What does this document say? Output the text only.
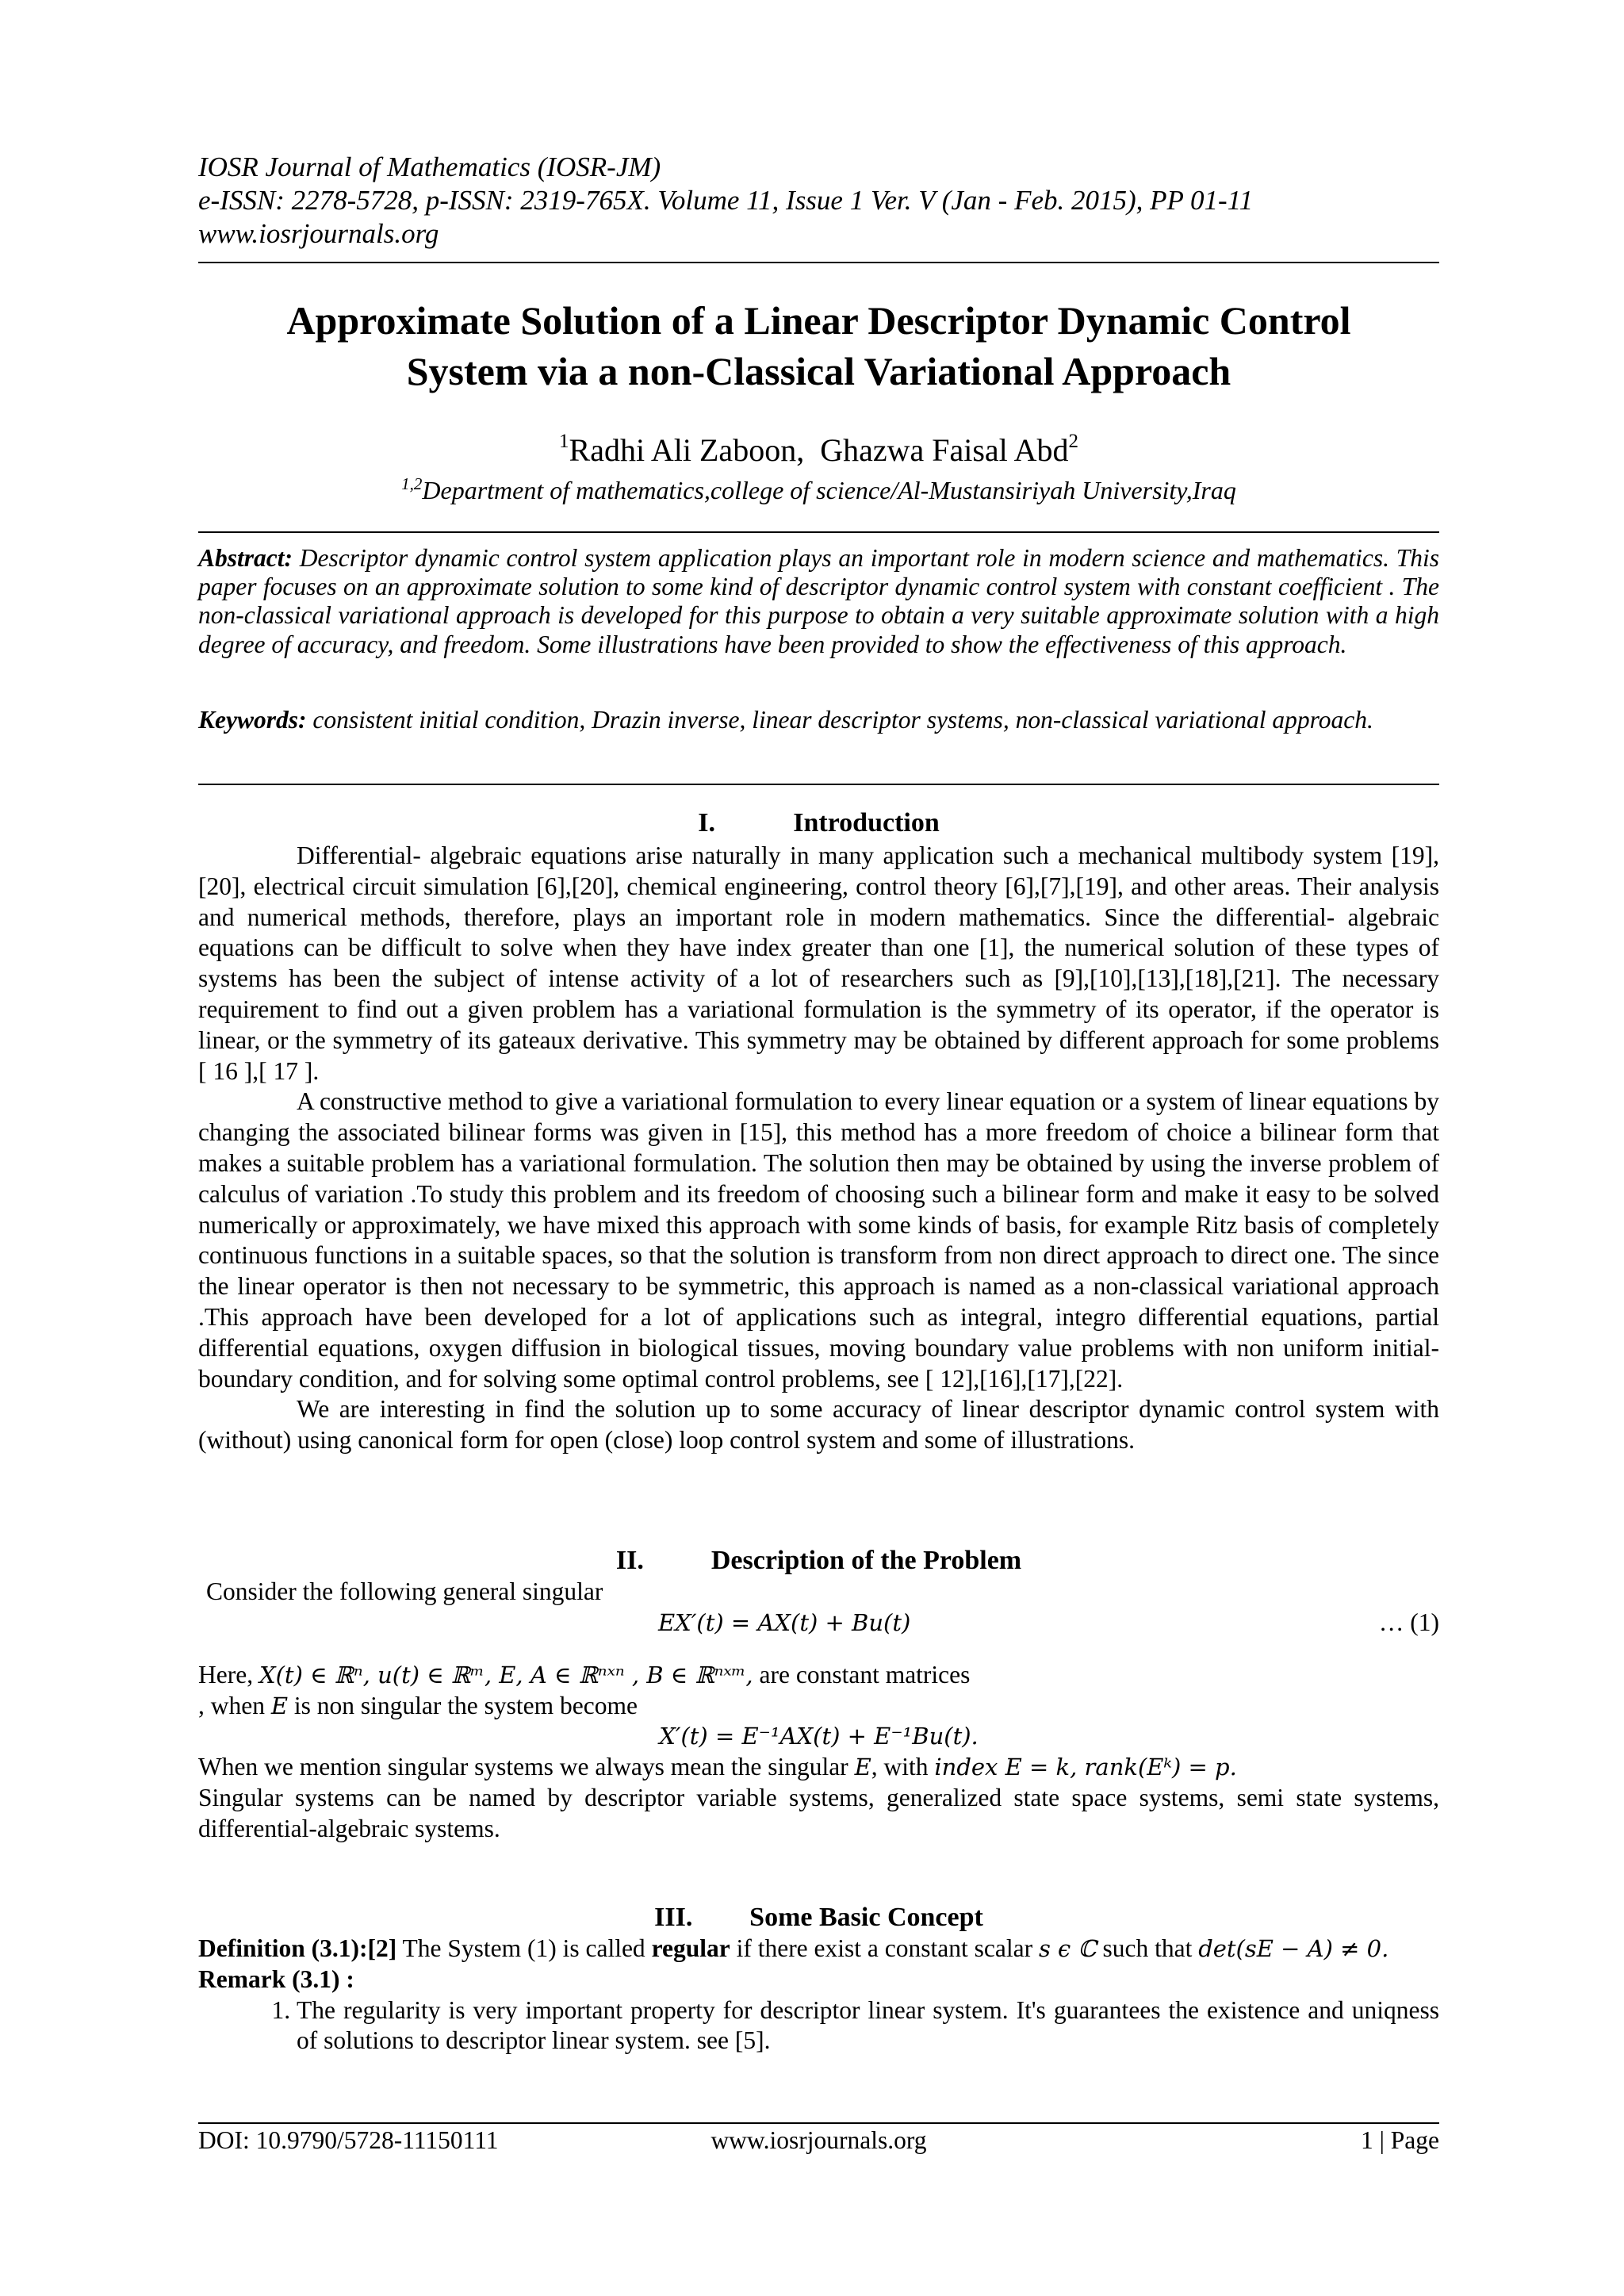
IOSR Journal of Mathematics (IOSR-JM)
e-ISSN: 2278-5728, p-ISSN: 2319-765X. Volume 11, Issue 1 Ver. V (Jan - Feb. 2015), PP 01-11
www.iosrjournals.org
Approximate Solution of a Linear Descriptor Dynamic Control
System via a non-Classical Variational Approach
$^1$Radhi Ali Zaboon, Ghazwa Faisal Abd$^2$
$^{1,2}$Department of mathematics,college of science/Al-Mustansiriyah University,Iraq
Abstract: Descriptor dynamic control system application plays an important role in modern science and mathematics. This paper focuses on an approximate solution to some kind of descriptor dynamic control system with constant coefficient . The non-classical variational approach is developed for this purpose to obtain a very suitable approximate solution with a high degree of accuracy, and freedom. Some illustrations have been provided to show the effectiveness of this approach.
Keywords: consistent initial condition, Drazin inverse, linear descriptor systems, non-classical variational approach.
I.	Introduction

Differential- algebraic equations arise naturally in many application such a mechanical multibody system [19],[20], electrical circuit simulation [6],[20], chemical engineering, control theory [6],[7],[19], and other areas. Their analysis and numerical methods, therefore, plays an important role in modern mathematics. Since the differential- algebraic equations can be difficult to solve when they have index greater than one [1], the numerical solution of these types of systems has been the subject of intense activity of a lot of researchers such as [9],[10],[13],[18],[21]. The necessary requirement to find out a given problem has a variational formulation is the symmetry of its operator, if the operator is linear, or the symmetry of its gateaux derivative. This symmetry may be obtained by different approach for some problems [ 16 ],[ 17 ].

A constructive method to give a variational formulation to every linear equation or a system of linear equations by changing the associated bilinear forms was given in [15], this method has a more freedom of choice a bilinear form that makes a suitable problem has a variational formulation. The solution then may be obtained by using the inverse problem of calculus of variation .To study this problem and its freedom of choosing such a bilinear form and make it easy to be solved numerically or approximately, we have mixed this approach with some kinds of basis, for example Ritz basis of completely continuous functions in a suitable spaces, so that the solution is transform from non direct approach to direct one. The since the linear operator is then not necessary to be symmetric, this approach is named as a non-classical variational approach .This approach have been developed for a lot of applications such as integral, integro differential equations, partial differential equations, oxygen diffusion in biological tissues, moving boundary value problems with non uniform initial-boundary condition, and for solving some optimal control problems, see [ 12],[16],[17],[22].

We are interesting in find the solution up to some accuracy of linear descriptor dynamic control system with (without) using canonical form for open (close) loop control system and some of illustrations.

II.	Description of the Problem
Consider the following general singular
EX′(t) = AX(t) + Bu(t)	… (1)
Here, X(t) ∈ ℝⁿ, u(t) ∈ ℝᵐ, E, A ∈ ℝⁿˣⁿ , B ∈ ℝⁿˣᵐ, are constant matrices
, when E is non singular the system become
X′(t) = E⁻¹AX(t) + E⁻¹Bu(t).
When we mention singular systems we always mean the singular E, with index E = k, rank(Eᵏ) = p.

Singular systems can be named by descriptor variable systems, generalized state space systems, semi state systems, differential-algebraic systems.

III. Some Basic Concept

Definition (3.1):[2] The System (1) is called regular if there exist a constant scalar s ϵ ℂ such that det(sE − A) ≠ 0.

Remark (3.1) :
1. The regularity is very important property for descriptor linear system. It's guarantees the existence and uniqness of solutions to descriptor linear system. see [5].
DOI: 10.9790/5728-11150111	www.iosrjournals.org	1 | Page
